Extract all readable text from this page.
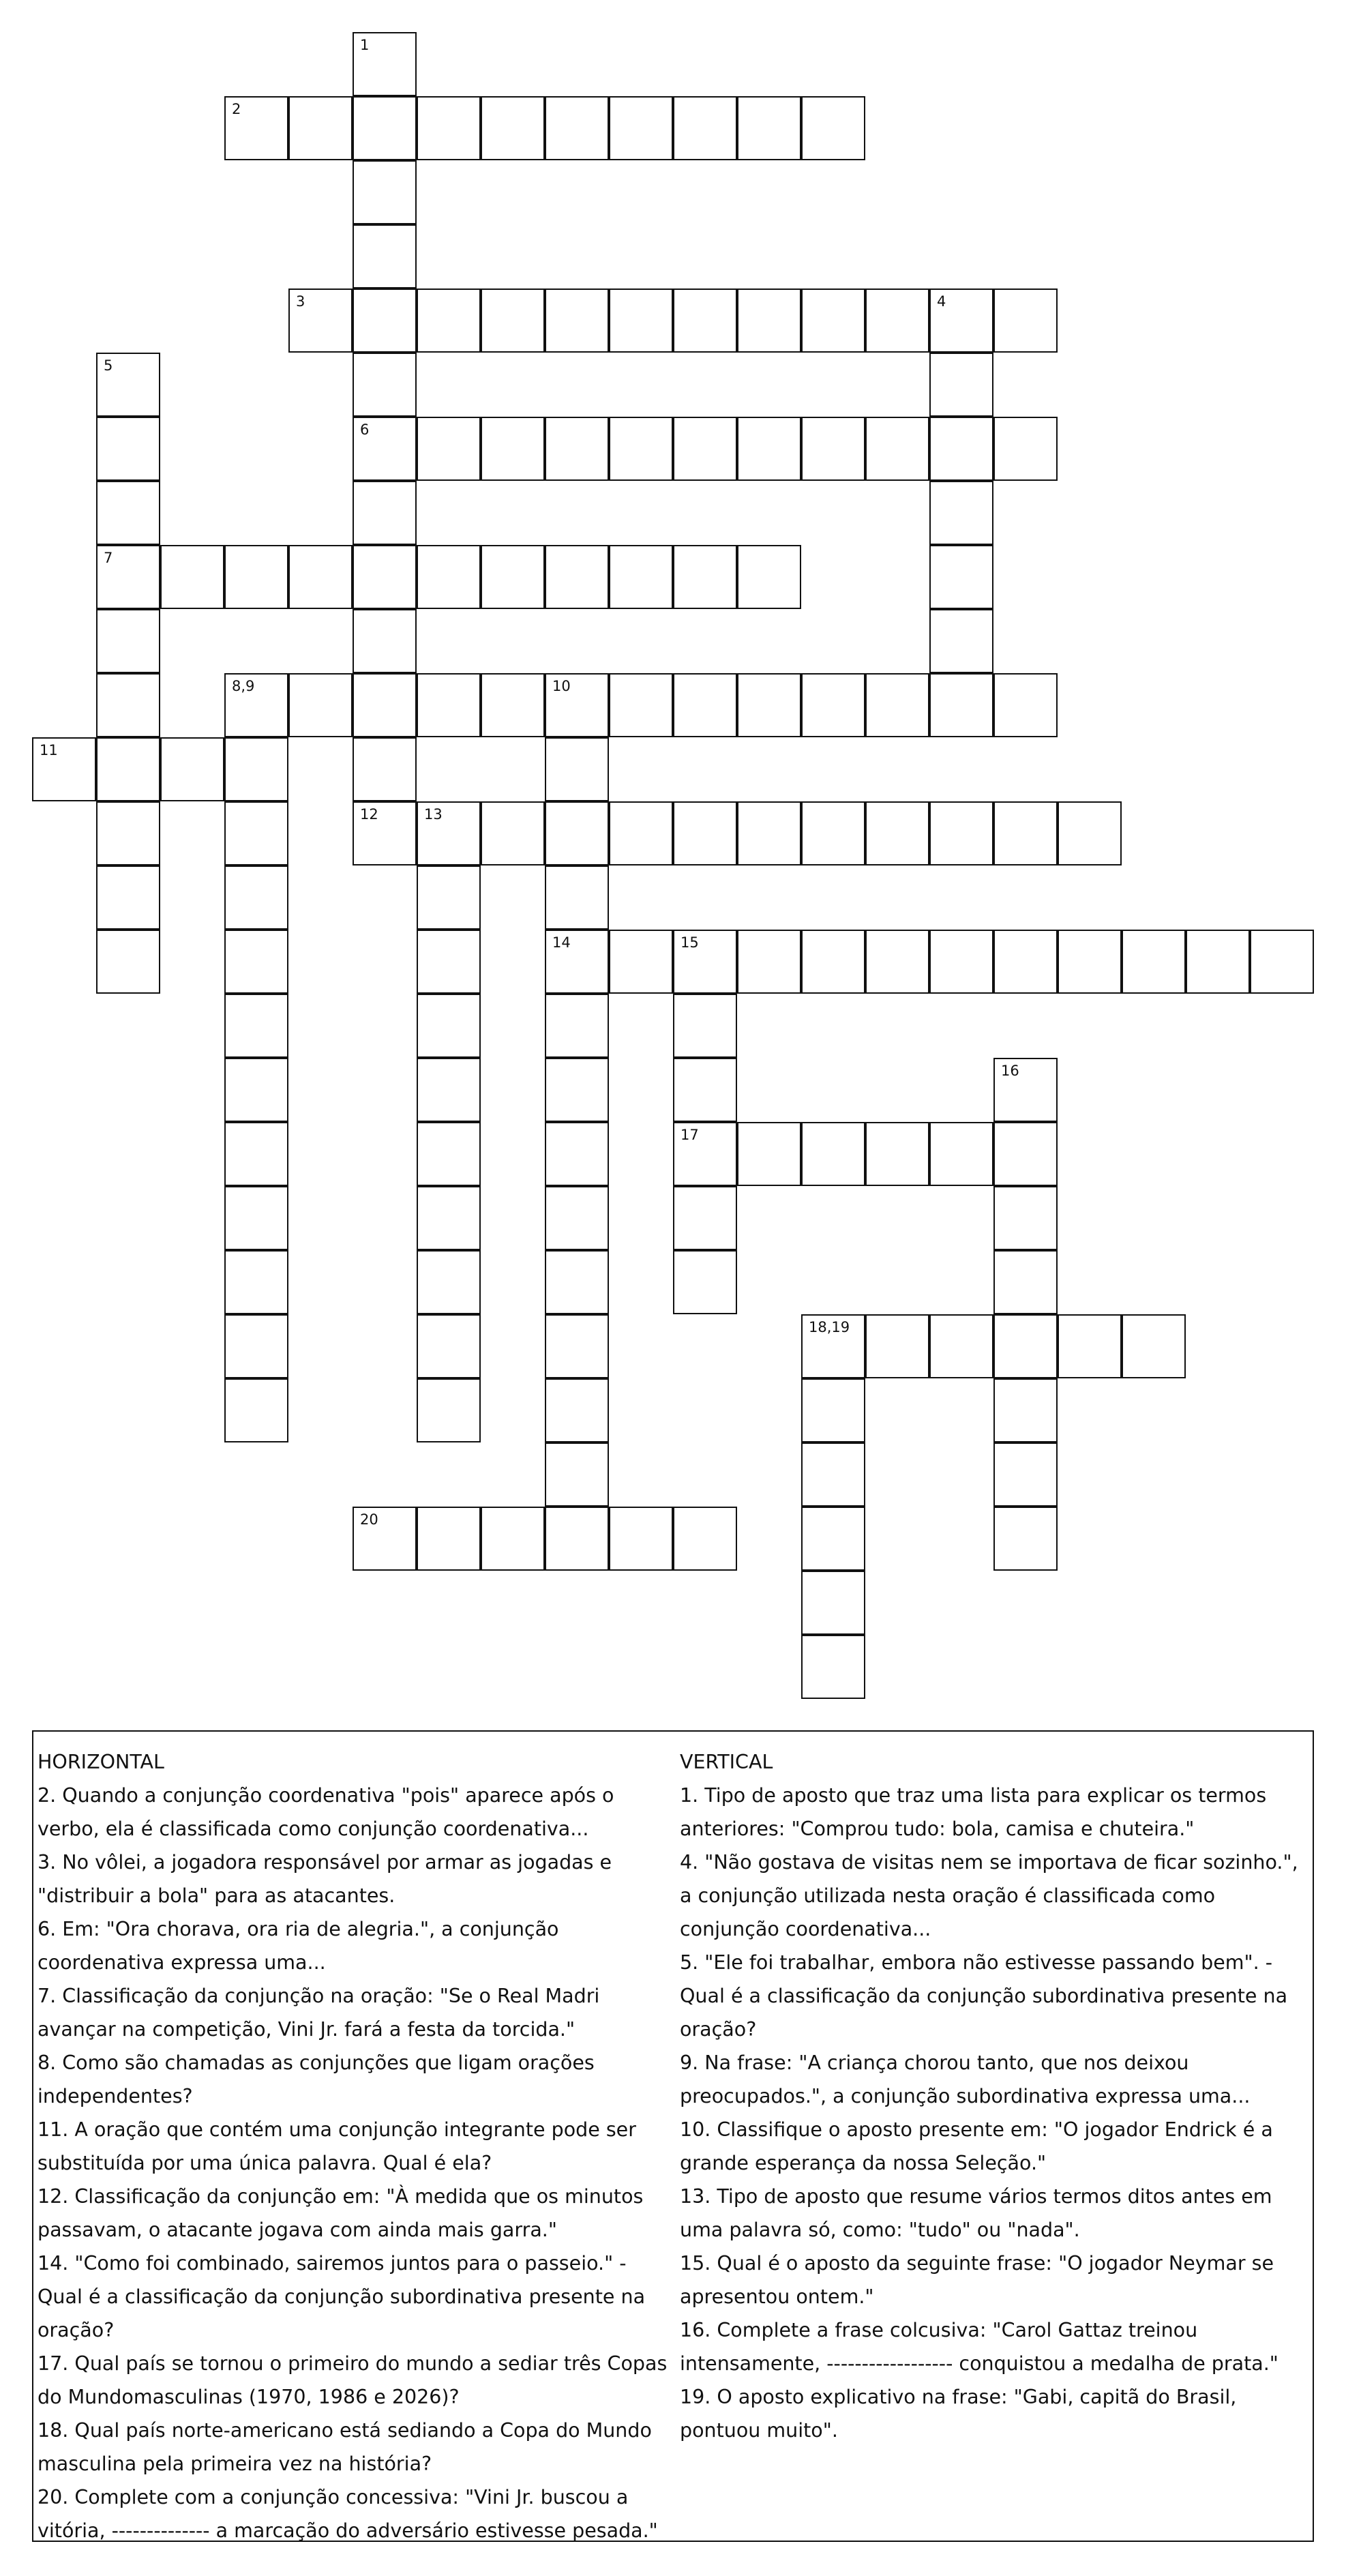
1
6
12
2
3	4
5
7
8,9	10
14
11
13
15
17
16
18,19
20

HORIZONTAL

2. Quando a conjunção coordenativa "pois" aparece após o verbo, ela é classificada como conjunção coordenativa...

3. No vôlei, a jogadora responsável por armar as jogadas e "distribuir a bola" para as atacantes.

6. Em: "Ora chorava, ora ria de alegria.", a conjunção coordenativa expressa uma...

7. Classificação da conjunção na oração: "Se o Real Madri avançar na competição, Vini Jr. fará a festa da torcida."

8. Como são chamadas as conjunções que ligam orações independentes?

11. A oração que contém uma conjunção integrante pode ser substituída por uma única palavra. Qual é ela?

12. Classificação da conjunção em: "À medida que os minutos passavam, o atacante jogava com ainda mais garra."

14. "Como foi combinado, sairemos juntos para o passeio." - Qual é a classificação da conjunção subordinativa presente na oração?

17. Qual país se tornou o primeiro do mundo a sediar três Copas do Mundomasculinas (1970, 1986 e 2026)?

18. Qual país norte-americano está sediando a Copa do Mundo masculina pela primeira vez na história?

20. Complete com a conjunção concessiva: "Vini Jr. buscou a vitória, -------------- a marcação do adversário estivesse pesada."

VERTICAL

1. Tipo de aposto que traz uma lista para explicar os termos anteriores: "Comprou tudo: bola, camisa e chuteira."

4. "Não gostava de visitas nem se importava de ficar sozinho.", a conjunção utilizada nesta oração é classificada como conjunção coordenativa...

5. "Ele foi trabalhar, embora não estivesse passando bem". - Qual é a classificação da conjunção subordinativa presente na oração?

9. Na frase: "A criança chorou tanto, que nos deixou preocupados.", a conjunção subordinativa expressa uma...

10. Classifique o aposto presente em: "O jogador Endrick é a grande esperança da nossa Seleção."

13. Tipo de aposto que resume vários termos ditos antes em uma palavra só, como: "tudo" ou "nada".

15. Qual é o aposto da seguinte frase: "O jogador Neymar se apresentou ontem."

16. Complete a frase colcusiva: "Carol Gattaz treinou intensamente, ------------------ conquistou a medalha de prata."

19. O aposto explicativo na frase: "Gabi, capitã do Brasil, pontuou muito".
